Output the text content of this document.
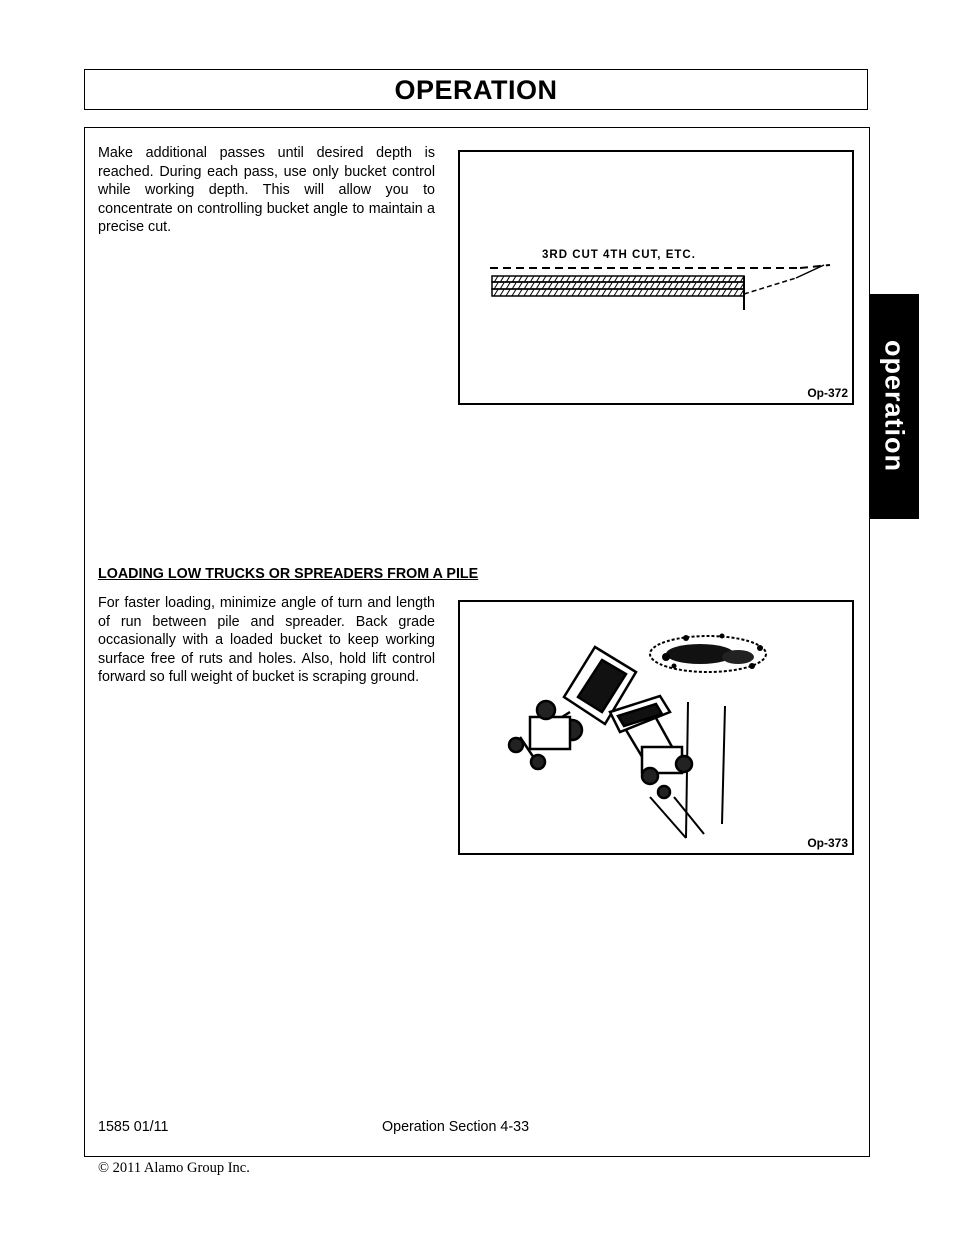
OPERATION

Make additional passes until desired depth is reached. During each pass, use only bucket control while working depth. This will allow you to concentrate on controlling bucket angle to maintain a precise cut.

3RD CUT 4TH CUT, ETC.
Op-372
LOADING LOW TRUCKS OR SPREADERS FROM A PILE

For faster loading, minimize angle of turn and length of run between pile and spreader. Back grade occasionally with a loaded bucket to keep working surface free of ruts and holes. Also, hold lift control forward so full weight of bucket is scraping ground.

Op-373
1585 01/11	Operation Section 4-33
© 2011 Alamo Group Inc.
operation
